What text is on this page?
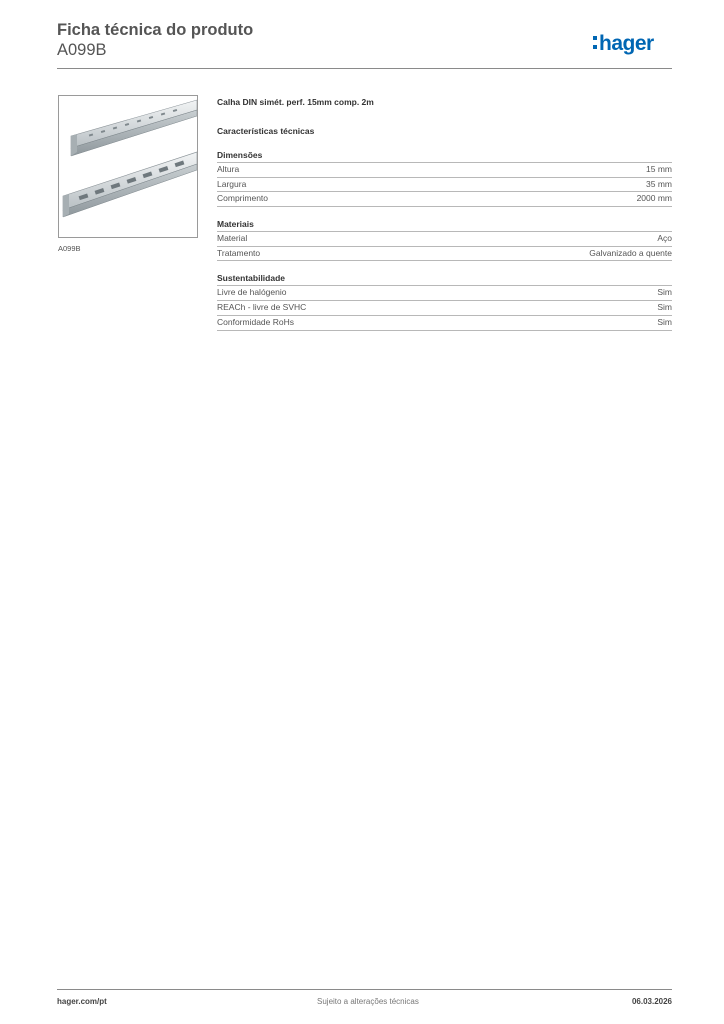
Ficha técnica do produto
A099B	hager
A099B
Calha DIN simét. perf. 15mm comp. 2m
Características técnicas
Dimensões
Altura	15 mm
Largura	35 mm
Comprimento	2000 mm
Materiais
Material	Aço
Tratamento	Galvanizado a quente
Sustentabilidade
Livre de halógenio	Sim
REACh - livre de SVHC	Sim
Conformidade RoHs	Sim
hager.com/pt	Sujeito a alterações técnicas	06.03.2026
